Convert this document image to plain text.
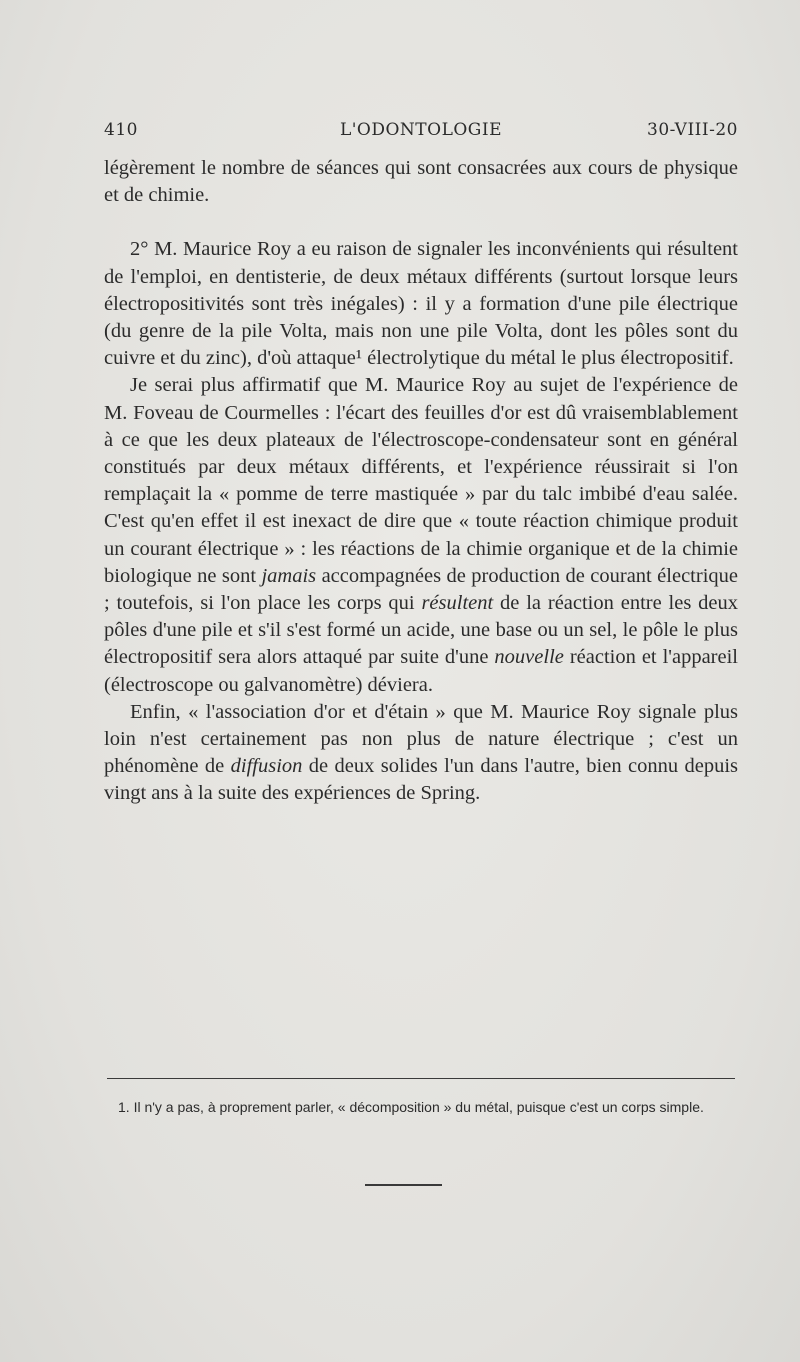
410	L'ODONTOLOGIE	30-VIII-20

légèrement le nombre de séances qui sont consacrées aux cours de physique et de chimie.

2° M. Maurice Roy a eu raison de signaler les inconvénients qui résultent de l'emploi, en dentisterie, de deux métaux différents (surtout lorsque leurs électropositivités sont très inégales) : il y a formation d'une pile électrique (du genre de la pile Volta, mais non une pile Volta, dont les pôles sont du cuivre et du zinc), d'où attaque¹ électrolytique du métal le plus électropositif.

Je serai plus affirmatif que M. Maurice Roy au sujet de l'expérience de M. Foveau de Courmelles : l'écart des feuilles d'or est dû vraisemblablement à ce que les deux plateaux de l'électroscope-condensateur sont en général constitués par deux métaux différents, et l'expérience réussirait si l'on remplaçait la « pomme de terre mastiquée » par du talc imbibé d'eau salée. C'est qu'en effet il est inexact de dire que « toute réaction chimique produit un courant électrique » : les réactions de la chimie organique et de la chimie biologique ne sont jamais accompagnées de production de courant électrique ; toutefois, si l'on place les corps qui résultent de la réaction entre les deux pôles d'une pile et s'il s'est formé un acide, une base ou un sel, le pôle le plus électropositif sera alors attaqué par suite d'une nouvelle réaction et l'appareil (électroscope ou galvanomètre) déviera.

Enfin, « l'association d'or et d'étain » que M. Maurice Roy signale plus loin n'est certainement pas non plus de nature électrique ; c'est un phénomène de diffusion de deux solides l'un dans l'autre, bien connu depuis vingt ans à la suite des expériences de Spring.

1. Il n'y a pas, à proprement parler, « décomposition » du métal, puisque c'est un corps simple.
